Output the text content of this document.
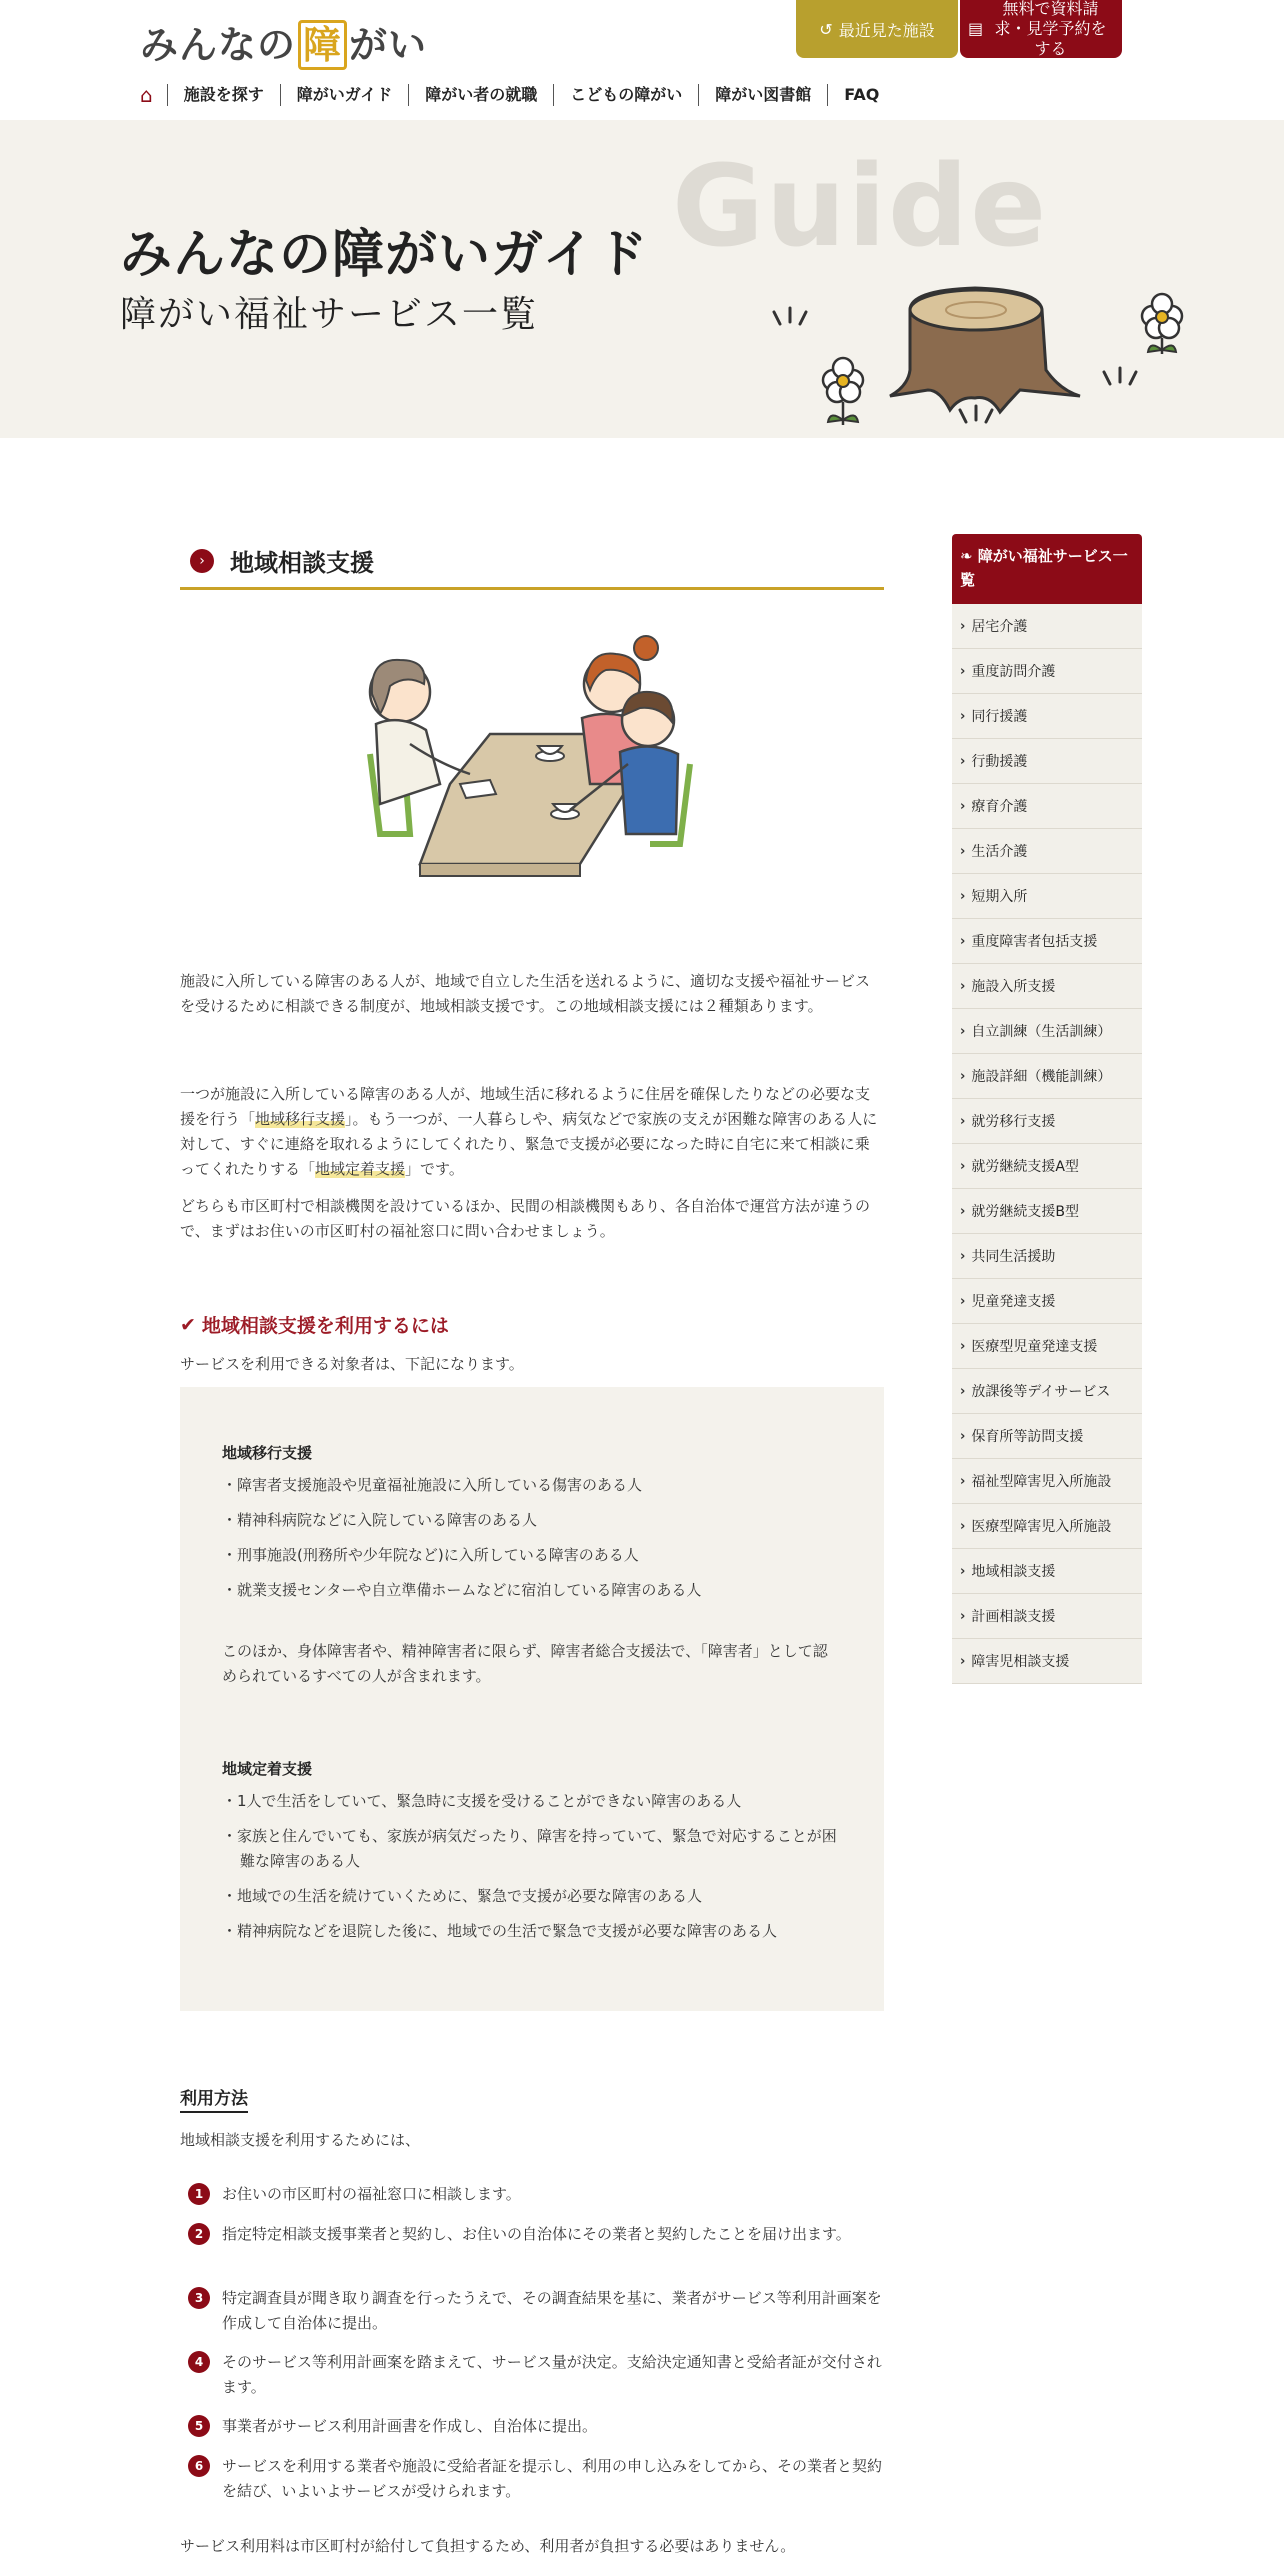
みんなの 障 がい	↺ 最近見た施設 ▤
無料で資料請求・見学予約をする
⌂	施設を探す	障がいガイド	障がい者の就職	こどもの障がい	障がい図書館	FAQ
Guide
みんなの障がいガイド
障がい福祉サービス一覧
›	地域相談支援
施設に入所している障害のある人が、地域で自立した生活を送れるように、適切な支援や福祉サービスを受けるために相談できる制度が、地域相談支援です。この地域相談支援には２種類あります。
一つが施設に入所している障害のある人が、地域生活に移れるように住居を確保したりなどの必要な支援を行う「地域移行支援」。もう一つが、一人暮らしや、病気などで家族の支えが困難な障害のある人に対して、すぐに連絡を取れるようにしてくれたり、緊急で支援が必要になった時に自宅に来て相談に乗ってくれたりする「地域定着支援」です。
どちらも市区町村で相談機関を設けているほか、民間の相談機関もあり、各自治体で運営方法が違うので、まずはお住いの市区町村の福祉窓口に問い合わせましょう。
✔ 地域相談支援を利用するには
サービスを利用できる対象者は、下記になります。
地域移行支援
・障害者支援施設や児童福祉施設に入所している傷害のある人
・精神科病院などに入院している障害のある人
・刑事施設(刑務所や少年院など)に入所している障害のある人
・就業支援センターや自立準備ホームなどに宿泊している障害のある人
このほか、身体障害者や、精神障害者に限らず、障害者総合支援法で、「障害者」として認められているすべての人が含まれます。
地域定着支援
・1人で生活をしていて、緊急時に支援を受けることができない障害のある人
・家族と住んでいても、家族が病気だったり、障害を持っていて、緊急で対応することが困難な障害のある人
・地域での生活を続けていくために、緊急で支援が必要な障害のある人
・精神病院などを退院した後に、地域での生活で緊急で支援が必要な障害のある人
利用方法
地域相談支援を利用するためには、
1	お住いの市区町村の福祉窓口に相談します。
2	指定特定相談支援事業者と契約し、お住いの自治体にその業者と契約したことを届け出ます。
3	特定調査員が聞き取り調査を行ったうえで、その調査結果を基に、業者がサービス等利用計画案を作成して自治体に提出。
4	そのサービス等利用計画案を踏まえて、サービス量が決定。支給決定通知書と受給者証が交付されます。
5	事業者がサービス利用計画書を作成し、自治体に提出。
6	サービスを利用する業者や施設に受給者証を提示し、利用の申し込みをしてから、その業者と契約を結び、いよいよサービスが受けられます。
サービス利用料は市区町村が給付して負担するため、利用者が負担する必要はありません。
❧ 障がい福祉サービス一覧
› 居宅介護
› 重度訪問介護
› 同行援護
› 行動援護
› 療育介護
› 生活介護
› 短期入所
› 重度障害者包括支援
› 施設入所支援
› 自立訓練（生活訓練）
› 施設詳細（機能訓練）
› 就労移行支援
› 就労継続支援A型
› 就労継続支援B型
› 共同生活援助
› 児童発達支援
› 医療型児童発達支援
› 放課後等デイサービス
› 保育所等訪問支援
› 福祉型障害児入所施設
› 医療型障害児入所施設
› 地域相談支援
› 計画相談支援
› 障害児相談支援
